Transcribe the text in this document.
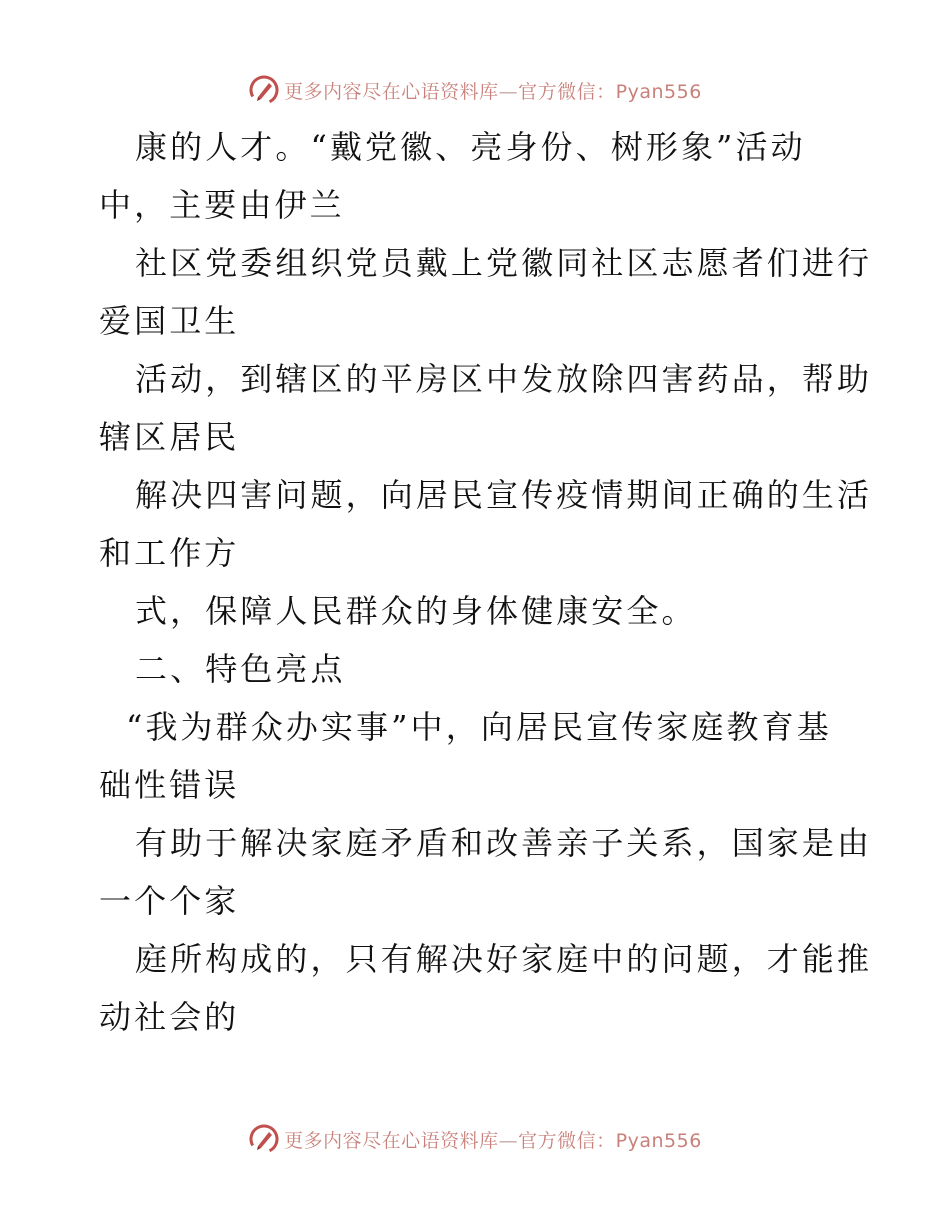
更多内容尽在心语资料库—官方微信：Pyan556
康的人才。“戴党徽、亮身份、树形象”活动
中，主要由伊兰
社区党委组织党员戴上党徽同社区志愿者们进行
爱国卫生
活动，到辖区的平房区中发放除四害药品，帮助
辖区居民
解决四害问题，向居民宣传疫情期间正确的生活
和工作方
式，保障人民群众的身体健康安全。
二、特色亮点
“我为群众办实事”中，向居民宣传家庭教育基
础性错误
有助于解决家庭矛盾和改善亲子关系，国家是由
一个个家
庭所构成的，只有解决好家庭中的问题，才能推
动社会的
更多内容尽在心语资料库—官方微信：Pyan556
